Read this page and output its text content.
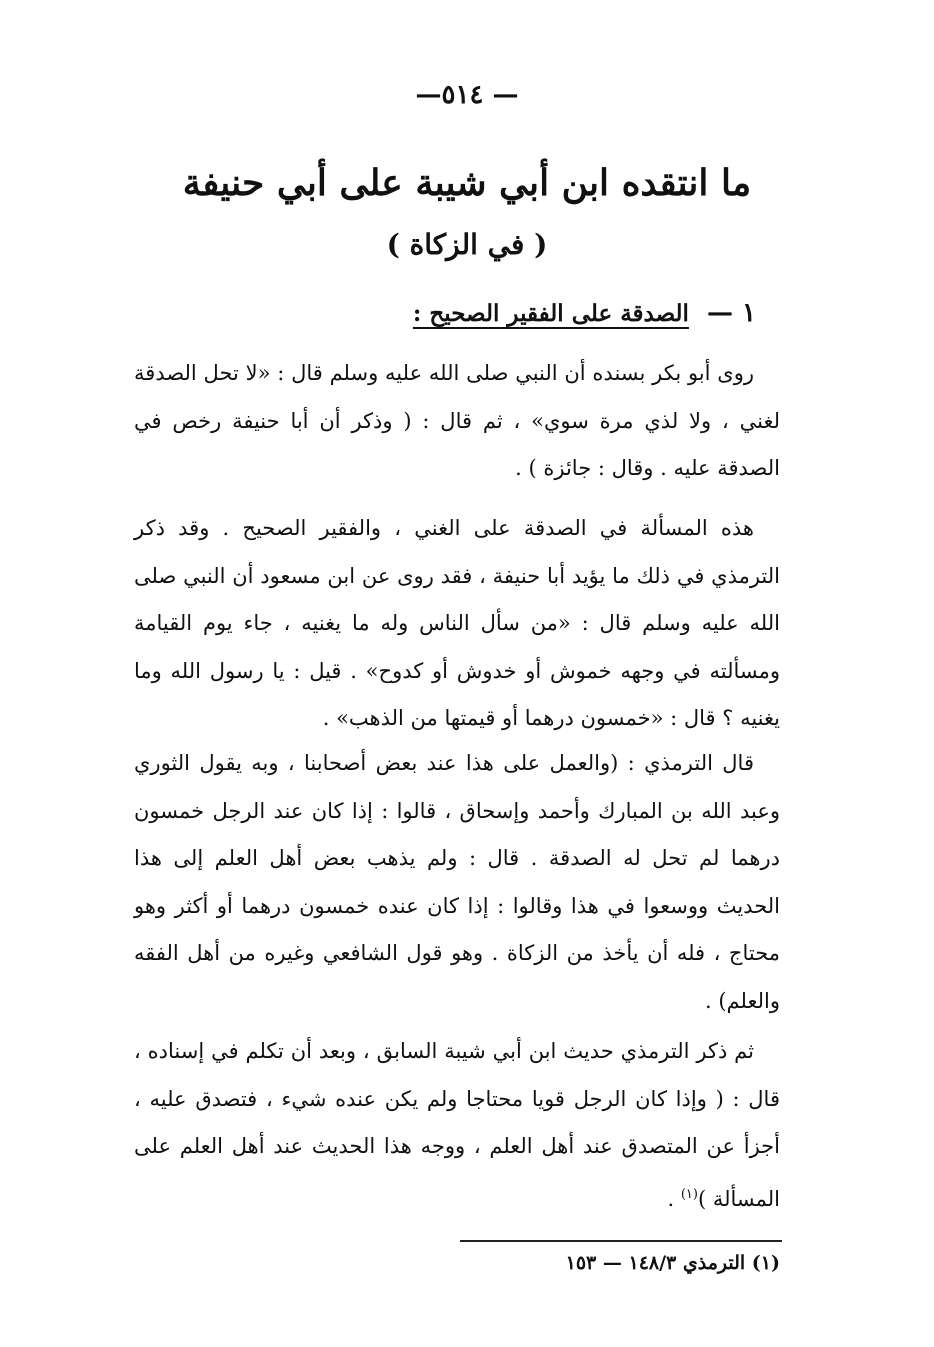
— ٥١٤—
ما انتقده ابن أبي شيبة على أبي حنيفة
( في الزكاة )
١ — الصدقة على الفقير الصحيح :

روى أبو بكر بسنده أن النبي صلى الله عليه وسلم قال : «لا تحل الصدقة لغني ، ولا لذي مرة سوي» ، ثم قال : ( وذكر أن أبا حنيفة رخص في الصدقة عليه . وقال : جائزة ) .

هذه المسألة في الصدقة على الغني ، والفقير الصحيح . وقد ذكر الترمذي في ذلك ما يؤيد أبا حنيفة ، فقد روى عن ابن مسعود أن النبي صلى الله عليه وسلم قال : «من سأل الناس وله ما يغنيه ، جاء يوم القيامة ومسألته في وجهه خموش أو خدوش أو كدوح» . قيل : يا رسول الله وما يغنيه ؟ قال : «خمسون درهما أو قيمتها من الذهب» .

قال الترمذي : (والعمل على هذا عند بعض أصحابنا ، وبه يقول الثوري وعبد الله بن المبارك وأحمد وإسحاق ، قالوا : إذا كان عند الرجل خمسون درهما لم تحل له الصدقة . قال : ولم يذهب بعض أهل العلم إلى هذا الحديث ووسعوا في هذا وقالوا : إذا كان عنده خمسون درهما أو أكثر وهو محتاج ، فله أن يأخذ من الزكاة . وهو قول الشافعي وغيره من أهل الفقه والعلم) .

ثم ذكر الترمذي حديث ابن أبي شيبة السابق ، وبعد أن تكلم في إسناده ، قال : ( وإذا كان الرجل قويا محتاجا ولم يكن عنده شيء ، فتصدق عليه ، أجزأ عن المتصدق عند أهل العلم ، ووجه هذا الحديث عند أهل العلم على المسألة )$^{(١)}$ .

(١) الترمذي ١٤٨/٣ — ١٥٣
